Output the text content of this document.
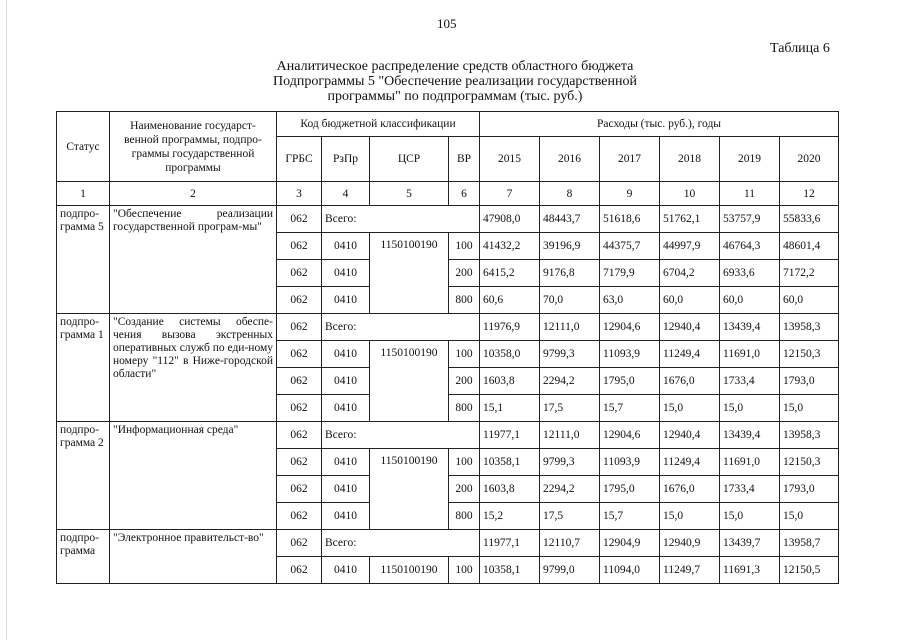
105
Таблица 6
Аналитическое распределение средств областного бюджета
Подпрограммы 5 "Обеспечение реализации государственной
программы" по подпрограммам (тыс. руб.)
Статус	Наименование государст-венной программы, подпро-граммы государственной программы	Код бюджетной классификации				Расходы (тыс. руб.), годы					
		ГРБС	РзПр	ЦСР	ВР	2015	2016	2017	2018	2019	2020
1	2	3	4	5	6	7	8	9	10	11	12
подпро-грамма 5	"Обеспечение реализации государственной програм-мы"	062	Всего:			47908,0	48443,7	51618,6	51762,1	53757,9	55833,6
		062	0410	1150100190	100	41432,2	39196,9	44375,7	44997,9	46764,3	48601,4
		062	0410		200	6415,2	9176,8	7179,9	6704,2	6933,6	7172,2
		062	0410		800	60,6	70,0	63,0	60,0	60,0	60,0
подпро-грамма 1	"Создание системы обеспе-чения вызова экстренных оперативных служб по еди-ному номеру "112" в Ниже-городской области"	062	Всего:			11976,9	12111,0	12904,6	12940,4	13439,4	13958,3
		062	0410	1150100190	100	10358,0	9799,3	11093,9	11249,4	11691,0	12150,3
		062	0410		200	1603,8	2294,2	1795,0	1676,0	1733,4	1793,0
		062	0410		800	15,1	17,5	15,7	15,0	15,0	15,0
подпро-грамма 2	"Информационная среда"	062	Всего:			11977,1	12111,0	12904,6	12940,4	13439,4	13958,3
		062	0410	1150100190	100	10358,1	9799,3	11093,9	11249,4	11691,0	12150,3
		062	0410		200	1603,8	2294,2	1795,0	1676,0	1733,4	1793,0
		062	0410		800	15,2	17,5	15,7	15,0	15,0	15,0
подпро-грамма	"Электронное правительст-во"	062	Всего:			11977,1	12110,7	12904,9	12940,9	13439,7	13958,7
		062	0410	1150100190	100	10358,1	9799,0	11094,0	11249,7	11691,3	12150,5
